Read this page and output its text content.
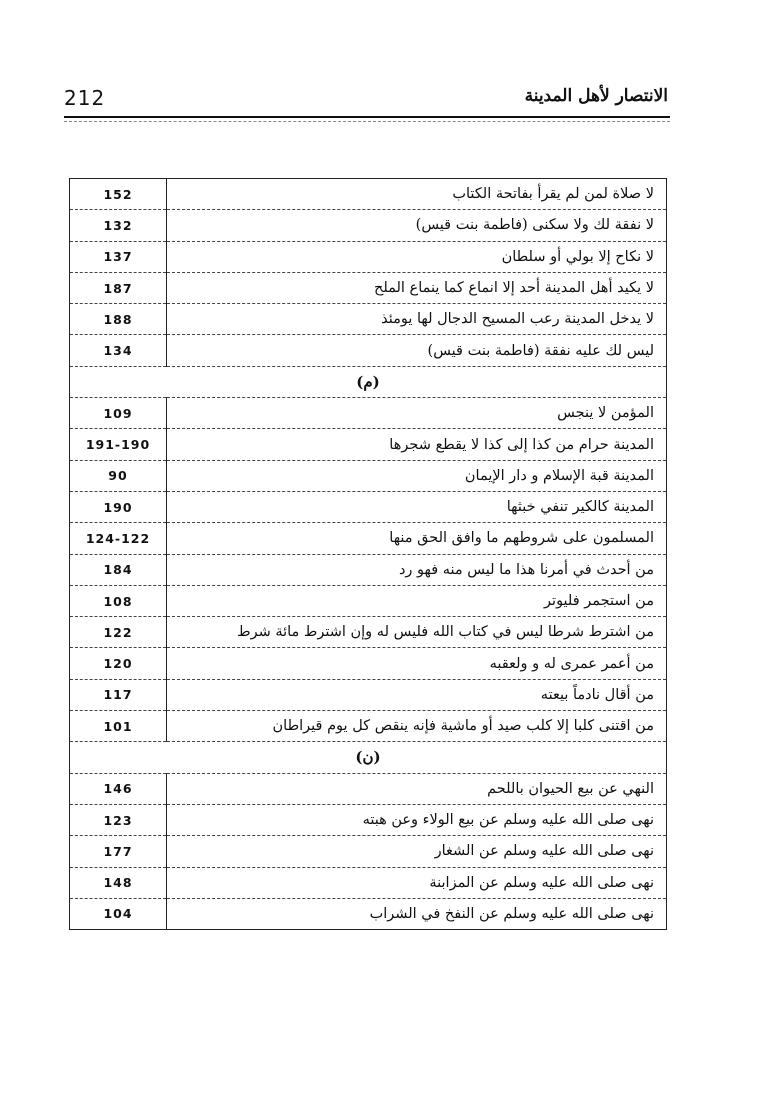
212	الانتصار لأهل المدينة
152	لا صلاة لمن لم يقرأ بفاتحة الكتاب
132	لا نفقة لك ولا سكنى (فاطمة بنت قيس)
137	لا نكاح إلا بولي أو سلطان
187	لا يكيد أهل المدينة أحد إلا انماع كما ينماع الملح
188	لا يدخل المدينة رعب المسيح الدجال لها يومئذ
134	ليس لك عليه نفقة (فاطمة بنت قيس)
(م)	
109	المؤمن لا ينجس
191-190	المدينة حرام من كذا إلى كذا لا يقطع شجرها
90	المدينة قبة الإسلام و دار الإيمان
190	المدينة كالكير تنفي خبثها
124-122	المسلمون على شروطهم ما وافق الحق منها
184	من أحدث في أمرنا هذا ما ليس منه فهو رد
108	من استجمر فليوتر
122	من اشترط شرطا ليس في كتاب الله فليس له وإن اشترط مائة شرط
120	من أعمر عمرى له و ولعقبه
117	من أقال نادماً بيعته
101	من اقتنى كلبا إلا كلب صيد أو ماشية فإنه ينقص كل يوم قيراطان
(ن)	
146	النهي عن بيع الحيوان باللحم
123	نهى صلى الله عليه وسلم عن بيع الولاء وعن هبته
177	نهى صلى الله عليه وسلم عن الشغار
148	نهى صلى الله عليه وسلم عن المزابنة
104	نهى صلى الله عليه وسلم عن النفخ في الشراب
